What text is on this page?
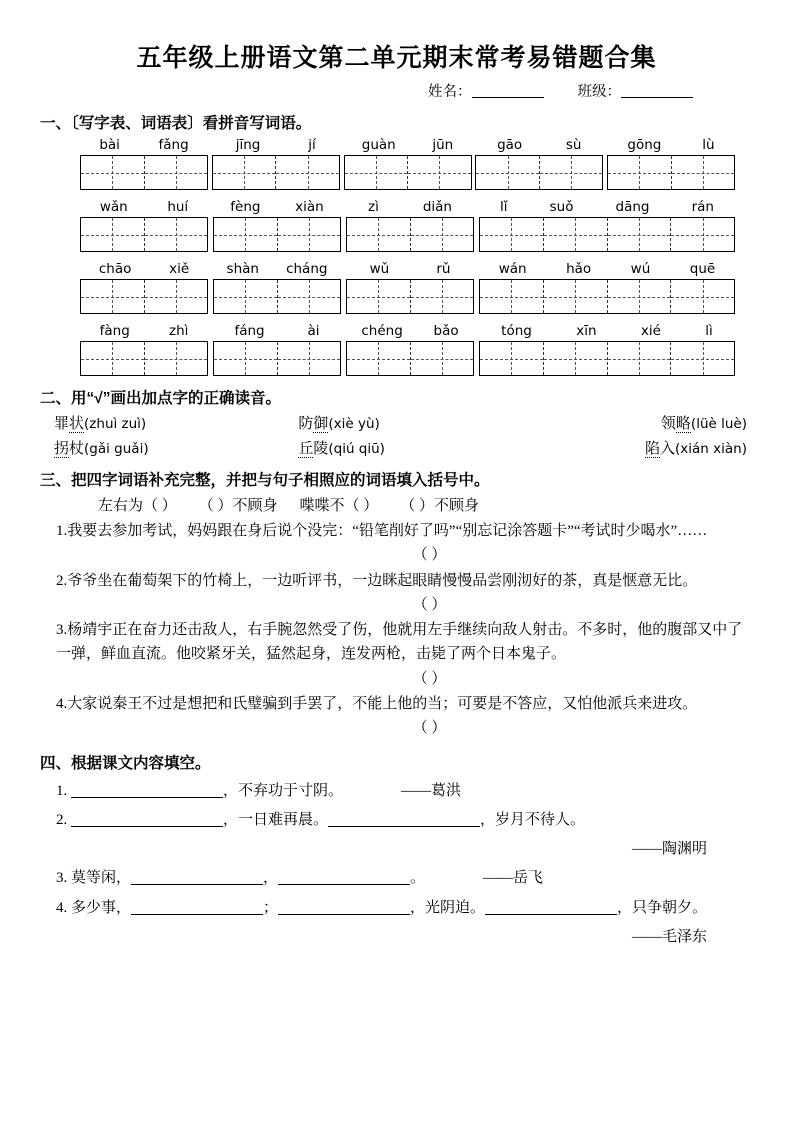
五年级上册语文第二单元期末常考易错题合集
姓名：	班级：
一、〔写字表、词语表〕看拼音写词语。
bài	fǎng	jīng	jí	guàn	jūn	gāo	sù	gōng	lù
wǎn	huí	fèng	xiàn	zì	diǎn	lǐ	suǒ	dāng	rán
chāo	xiě	shàn cháng	wǔ	rǔ	wán	hǎo	wú	quē
fàng	zhì	fáng	ài	chéng bǎo	tóng	xīn	xié	lì
二、用“√”画出加点字的正确读音。
罪状(zhuì zuì)	防御(xiè yù)	领略(lüè luè)
拐杖(gǎi guǎi)	丘陵(qiú qiū)	陷入(xián xiàn)
三、把四字词语补充完整，并把与句子相照应的词语填入括号中。
左右为（ ） （ ）不顾身 喋喋不（ ） （ ）不顾身
1.我要去参加考试，妈妈跟在身后说个没完：“铅笔削好了吗”“别忘记涂答题卡”“考试时少喝水”……
（ ）
2.爷爷坐在葡萄架下的竹椅上，一边听评书，一边眯起眼睛慢慢品尝刚沏好的茶，真是惬意无比。
（ ）
3.杨靖宇正在奋力还击敌人，右手腕忽然受了伤，他就用左手继续向敌人射击。不多时，他的腹部又中了一弹，鲜血直流。他咬紧牙关，猛然起身，连发两枪，击毙了两个日本鬼子。
（ ）
4.大家说秦王不过是想把和氏璧骗到手罢了，不能上他的当；可要是不答应，又怕他派兵来进攻。
（ ）
四、根据课文内容填空。
1.	，不弃功于寸阴。	——葛洪
2.	，一日难再晨。	，岁月不待人。
——陶渊明
3. 莫等闲，	，	。	——岳飞
4. 多少事，	；	，光阴迫。	，只争朝夕。
——毛泽东
